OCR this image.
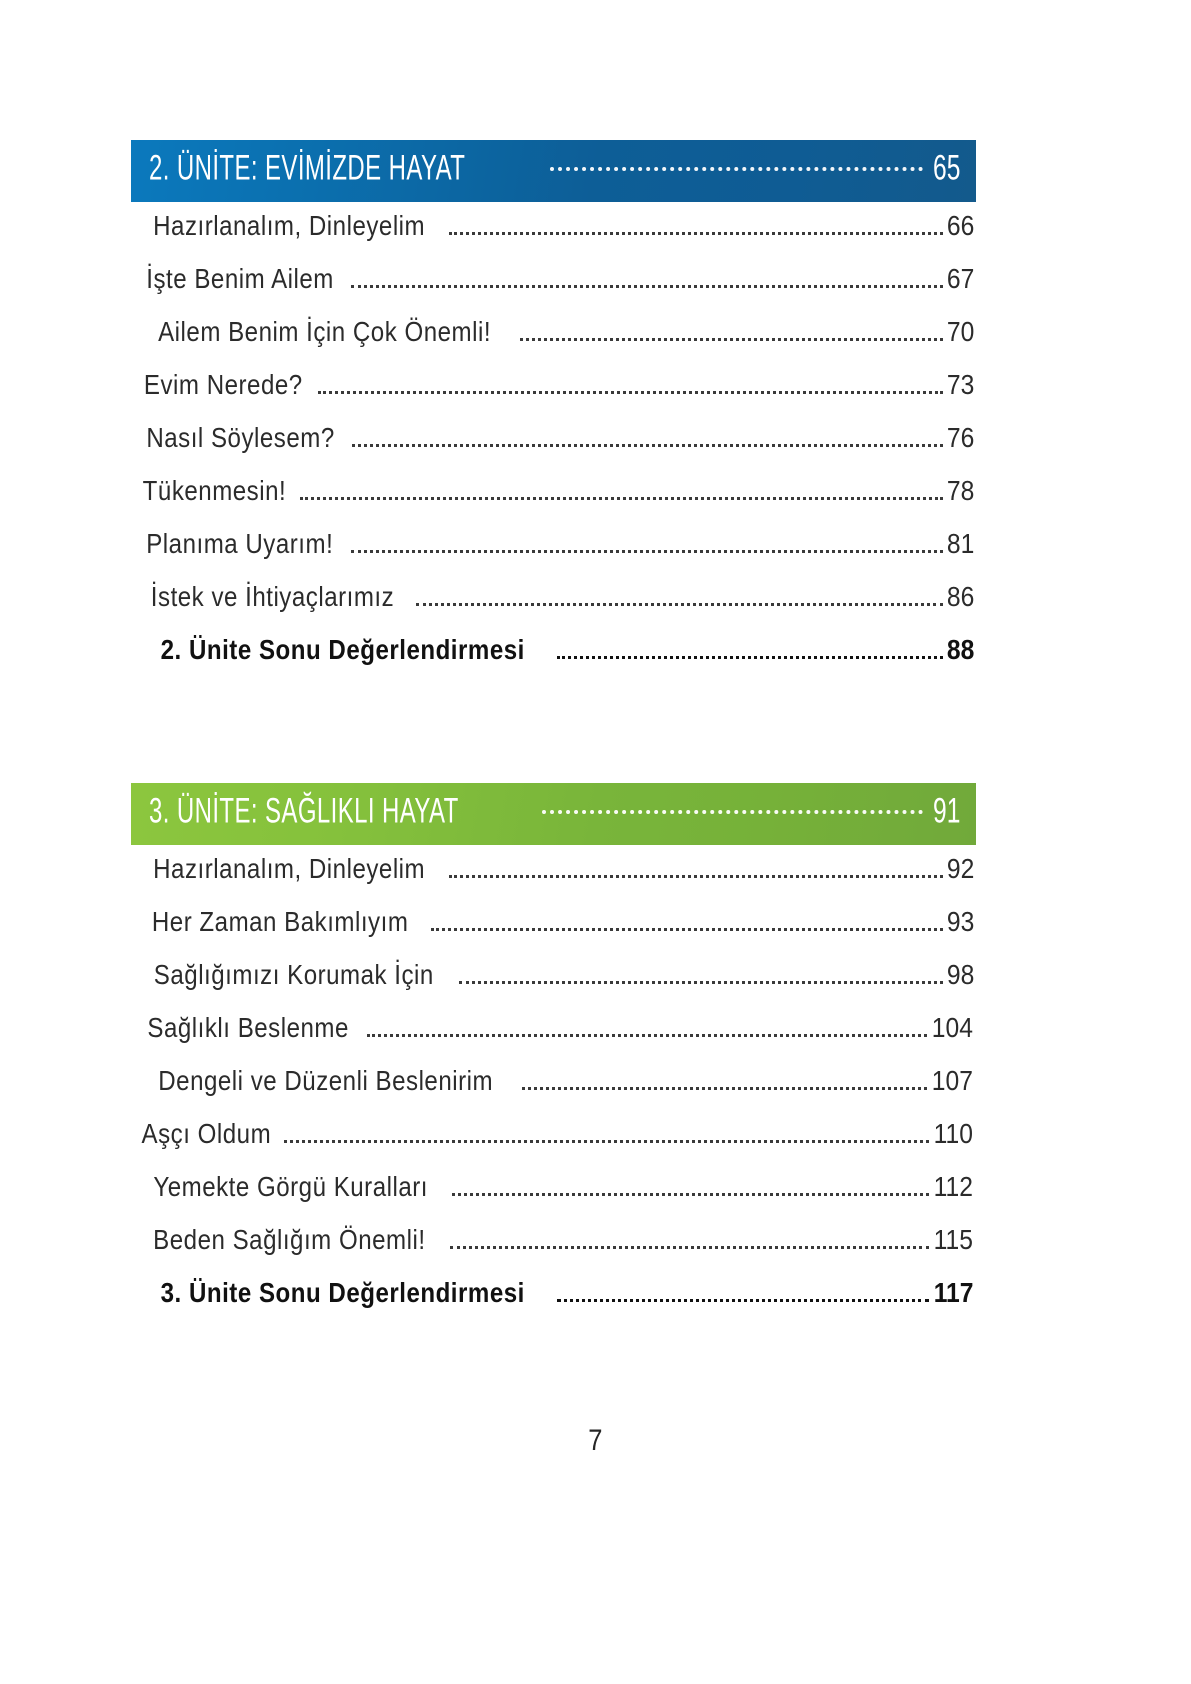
2. ÜNİTE: EVİMİZDE HAYAT	65
Hazırlanalım, Dinleyelim	66
İşte Benim Ailem	67
Ailem Benim İçin Çok Önemli!	70
Evim Nerede?	73
Nasıl Söylesem?	76
Tükenmesin!	78
Planıma Uyarım!	81
İstek ve İhtiyaçlarımız	86
2. Ünite Sonu Değerlendirmesi	88
3. ÜNİTE: SAĞLIKLI HAYAT	91
Hazırlanalım, Dinleyelim	92
Her Zaman Bakımlıyım	93
Sağlığımızı Korumak İçin	98
Sağlıklı Beslenme	104
Dengeli ve Düzenli Beslenirim	107
Aşçı Oldum	110
Yemekte Görgü Kuralları	112
Beden Sağlığım Önemli!	115
3. Ünite Sonu Değerlendirmesi	117
7
